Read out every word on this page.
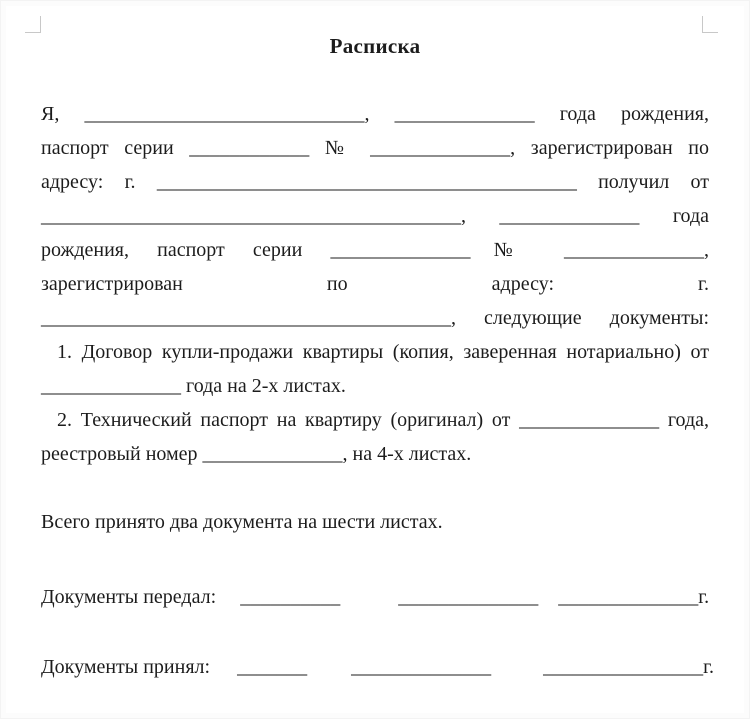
Расписка
Я, ____________________________, ______________ года рождения,
паспорт серии ____________ № ______________, зарегистрирован по
адресу: г. __________________________________________ получил от
__________________________________________, ______________ года
рождения, паспорт серии ______________№ ______________,
зарегистрирован по адресу: г.
_________________________________________, следующие документы:
1. Договор купли-продажи квартиры (копия, заверенная нотариально) от
______________ года на 2-х листах.
2. Технический паспорт на квартиру (оригинал) от ______________ года,
реестровый номер ______________, на 4-х листах.
Всего принято два документа на шести листах.
Документы передал: __________	______________ ______________г.
Документы принял: _______ ______________	________________г.
